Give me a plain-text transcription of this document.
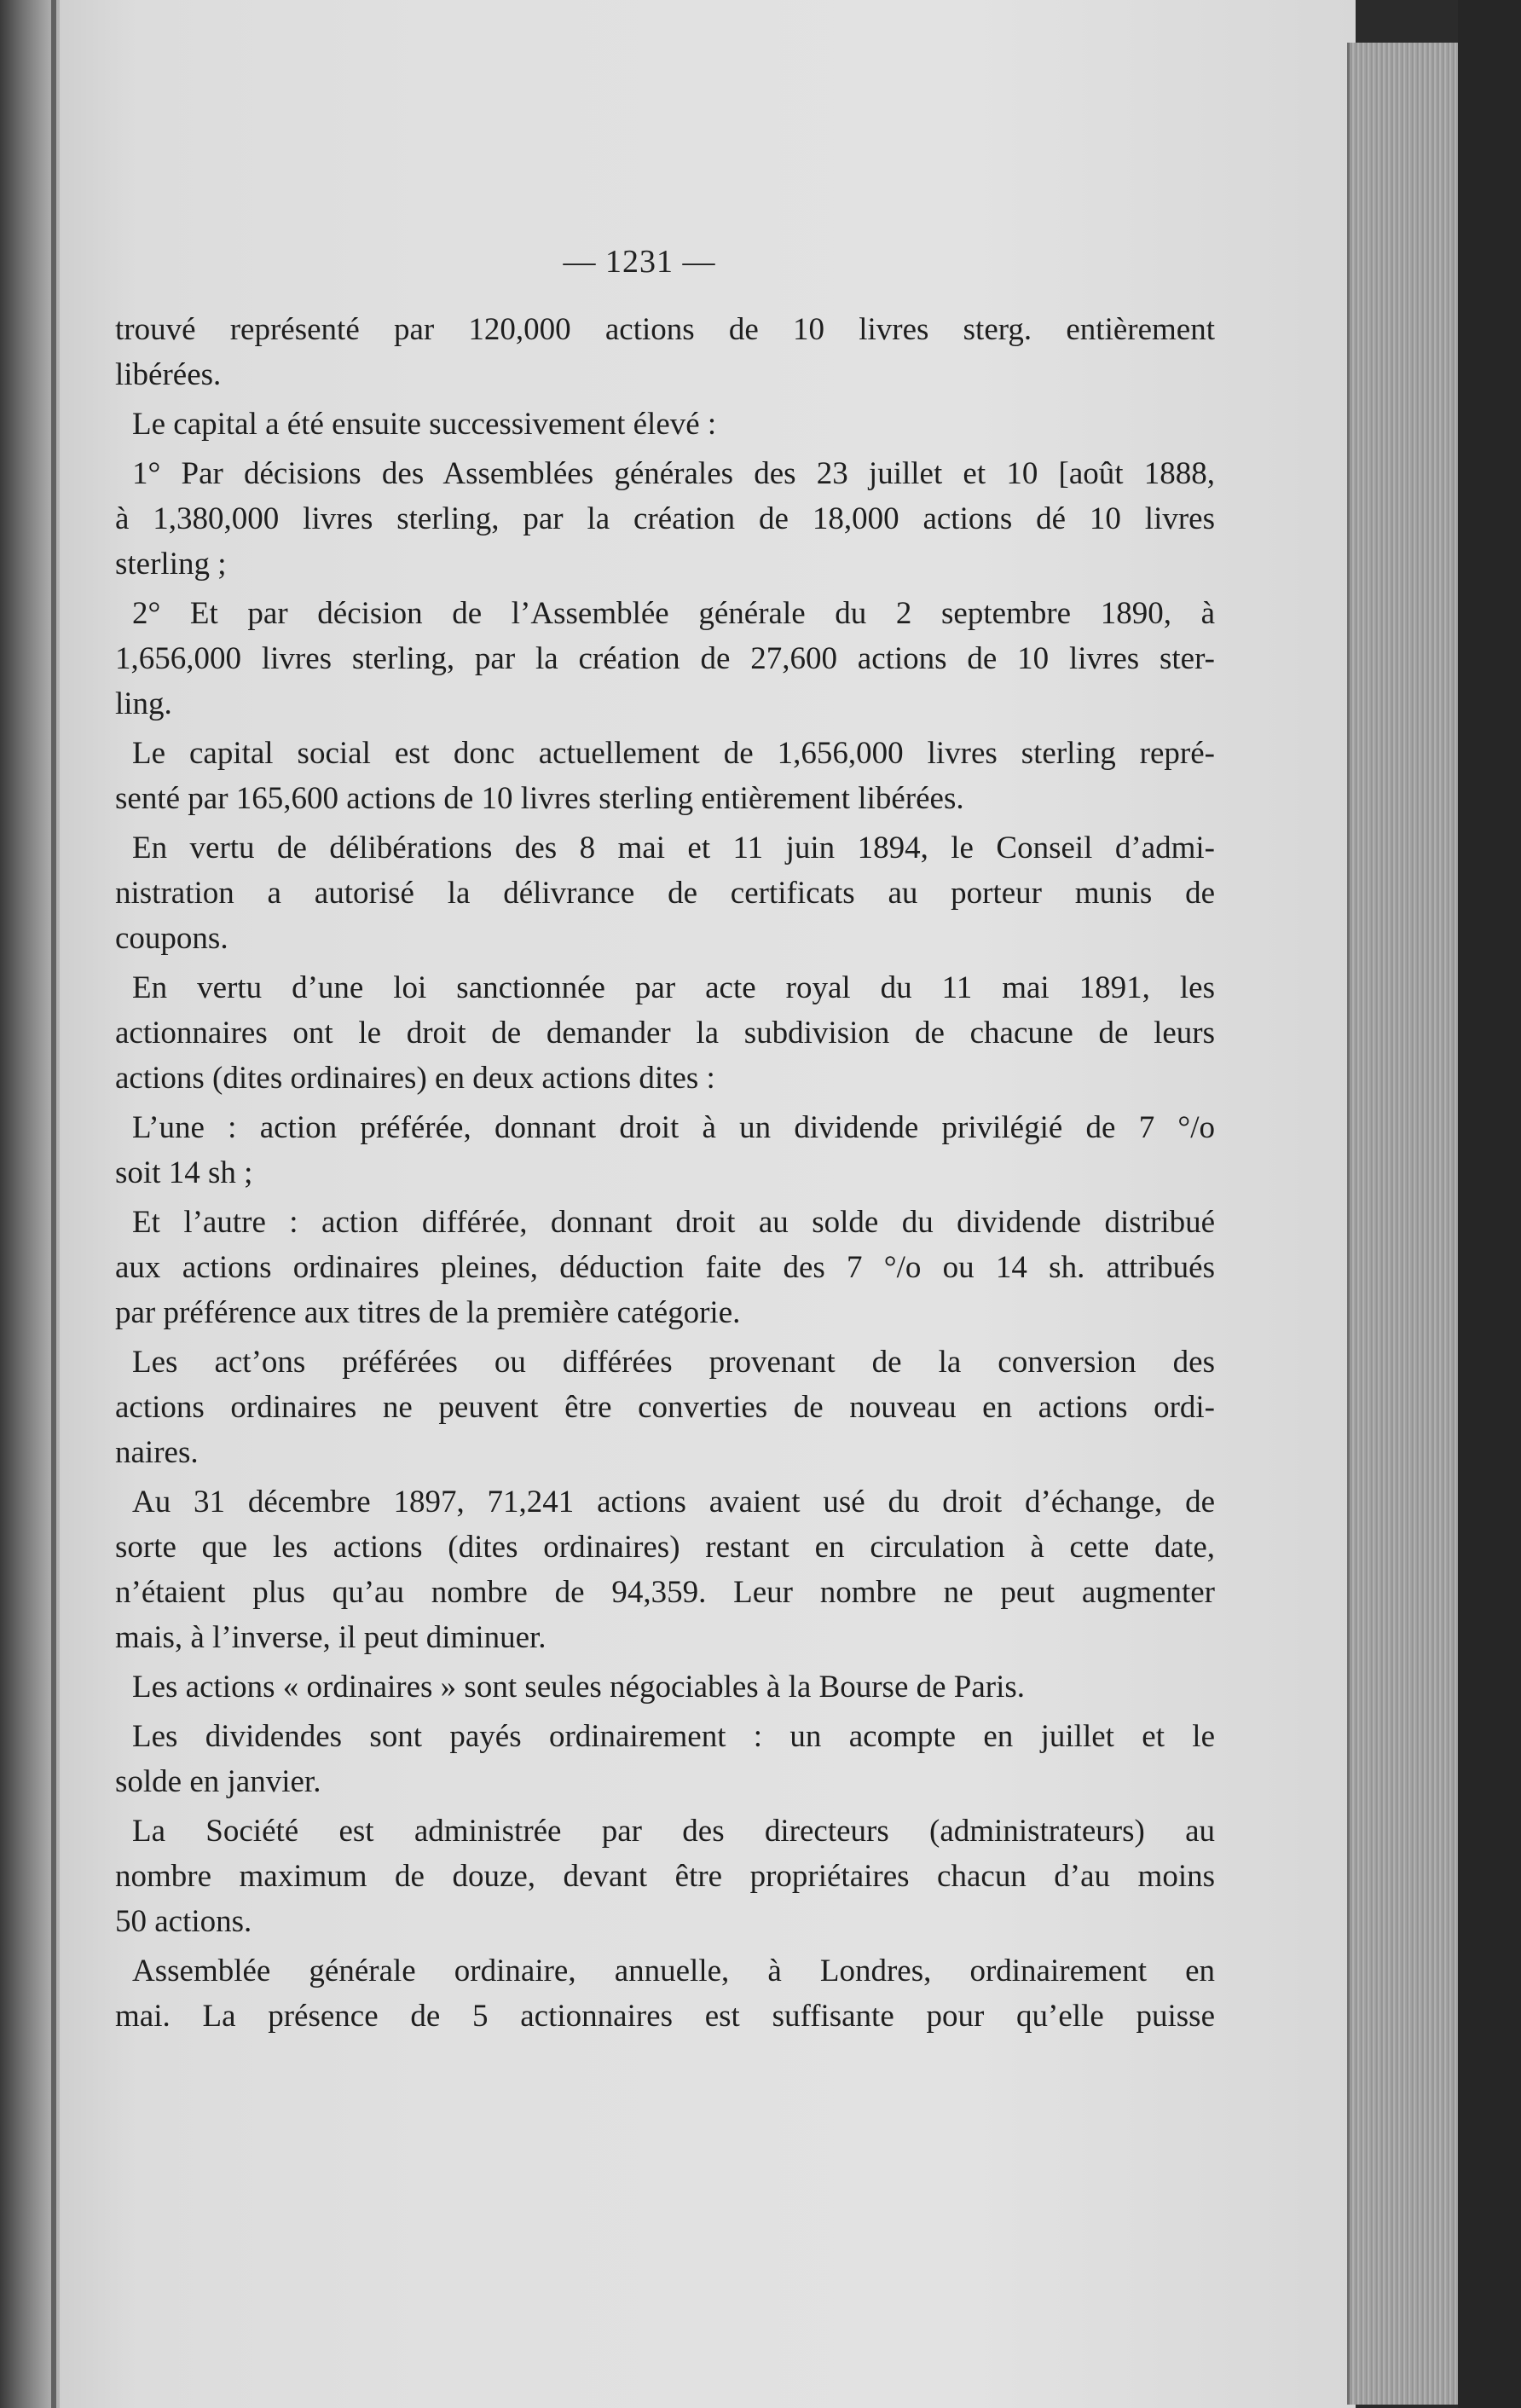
— 1231 —
trouvé représenté par 120,000 actions de 10 livres sterg. entièrement
libérées.
Le capital a été ensuite successivement élevé :
1° Par décisions des Assemblées générales des 23 juillet et 10 [août 1888,
à 1,380,000 livres sterling, par la création de 18,000 actions dé 10 livres
sterling ;
2° Et par décision de l’Assemblée générale du 2 septembre 1890, à
1,656,000 livres sterling, par la création de 27,600 actions de 10 livres ster-
ling.
Le capital social est donc actuellement de 1,656,000 livres sterling repré-
senté par 165,600 actions de 10 livres sterling entièrement libérées.
En vertu de délibérations des 8 mai et 11 juin 1894, le Conseil d’admi-
nistration a autorisé la délivrance de certificats au porteur munis de
coupons.
En vertu d’une loi sanctionnée par acte royal du 11 mai 1891, les
actionnaires ont le droit de demander la subdivision de chacune de leurs
actions (dites ordinaires) en deux actions dites :
L’une : action préférée, donnant droit à un dividende privilégié de 7 °/o
soit 14 sh ;
Et l’autre : action différée, donnant droit au solde du dividende distribué
aux actions ordinaires pleines, déduction faite des 7 °/o ou 14 sh. attribués
par préférence aux titres de la première catégorie.
Les act’ons préférées ou différées provenant de la conversion des
actions ordinaires ne peuvent être converties de nouveau en actions ordi-
naires.
Au 31 décembre 1897, 71,241 actions avaient usé du droit d’échange, de
sorte que les actions (dites ordinaires) restant en circulation à cette date,
n’étaient plus qu’au nombre de 94,359. Leur nombre ne peut augmenter
mais, à l’inverse, il peut diminuer.
Les actions « ordinaires » sont seules négociables à la Bourse de Paris.
Les dividendes sont payés ordinairement : un acompte en juillet et le
solde en janvier.
La Société est administrée par des directeurs (administrateurs) au
nombre maximum de douze, devant être propriétaires chacun d’au moins
50 actions.
Assemblée générale ordinaire, annuelle, à Londres, ordinairement en
mai. La présence de 5 actionnaires est suffisante pour qu’elle puisse
